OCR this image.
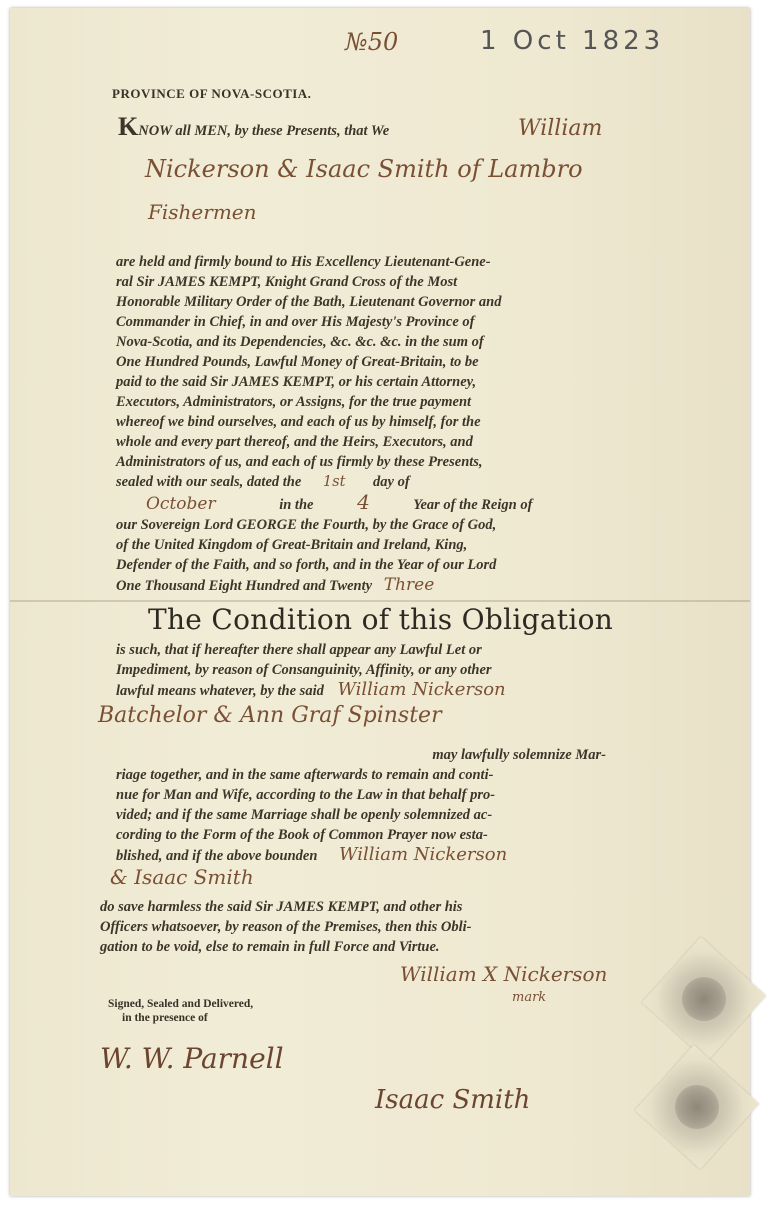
№50	1 Oct 1823
PROVINCE OF NOVA-SCOTIA.
KNOW all MEN, by these Presents, that We	William
Nickerson & Isaac Smith of Lambro
Fishermen
are held and firmly bound to His Excellency Lieutenant-Gene-
ral Sir JAMES KEMPT, Knight Grand Cross of the Most
Honorable Military Order of the Bath, Lieutenant Governor and
Commander in Chief, in and over His Majesty's Province of
Nova-Scotia, and its Dependencies, &c. &c. &c. in the sum of
One Hundred Pounds, Lawful Money of Great-Britain, to be
paid to the said Sir JAMES KEMPT, or his certain Attorney,
Executors, Administrators, or Assigns, for the true payment
whereof we bind ourselves, and each of us by himself, for the
whole and every part thereof, and the Heirs, Executors, and
Administrators of us, and each of us firmly by these Presents,
sealed with our seals, dated the 1st day of
October	in the 4	Year of the Reign of
our Sovereign Lord GEORGE the Fourth, by the Grace of God,
of the United Kingdom of Great-Britain and Ireland, King,
Defender of the Faith, and so forth, and in the Year of our Lord
One Thousand Eight Hundred and Twenty Three
The Condition of this Obligation
is such, that if hereafter there shall appear any Lawful Let or
Impediment, by reason of Consanguinity, Affinity, or any other
lawful means whatever, by the said William Nickerson
Batchelor & Ann Graf Spinster
may lawfully solemnize Mar-
riage together, and in the same afterwards to remain and conti-
nue for Man and Wife, according to the Law in that behalf pro-
vided; and if the same Marriage shall be openly solemnized ac-
cording to the Form of the Book of Common Prayer now esta-
blished, and if the above bounden William Nickerson
& Isaac Smith
do save harmless the said Sir JAMES KEMPT, and other his
Officers whatsoever, by reason of the Premises, then this Obli-
gation to be void, else to remain in full Force and Virtue.
William X Nickerson
mark
Signed, Sealed and Delivered,
in the presence of
W. W. Parnell
Isaac Smith
